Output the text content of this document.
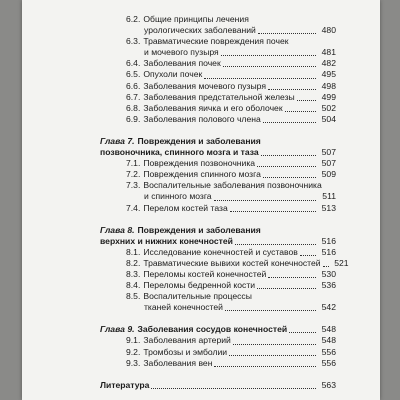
6.2. Общие принципы лечения
урологических заболеваний	480
6.3. Травматические повреждения почек
и мочевого пузыря	481
6.4. Заболевания почек	482
6.5. Опухоли почек	495
6.6. Заболевания мочевого пузыря	498
6.7. Заболевания предстательной железы	499
6.8. Заболевания яичка и его оболочек	502
6.9. Заболевания полового члена	504
Глава 7. Повреждения и заболевания
позвоночника, спинного мозга и таза	507
7.1. Повреждения позвоночника	507
7.2. Повреждения спинного мозга	509
7.3. Воспалительные заболевания позвоночника
и спинного мозга	511
7.4. Перелом костей таза	513
Глава 8. Повреждения и заболевания
верхних и нижних конечностей	516
8.1. Исследование конечностей и суставов	516
8.2. Травматические вывихи костей конечностей	521
8.3. Переломы костей конечностей	530
8.4. Переломы бедренной кости	536
8.5. Воспалительные процессы
тканей конечностей	542
Глава 9. Заболевания сосудов конечностей	548
9.1. Заболевания артерий	548
9.2. Тромбозы и эмболии	556
9.3. Заболевания вен	556
Литература	563
